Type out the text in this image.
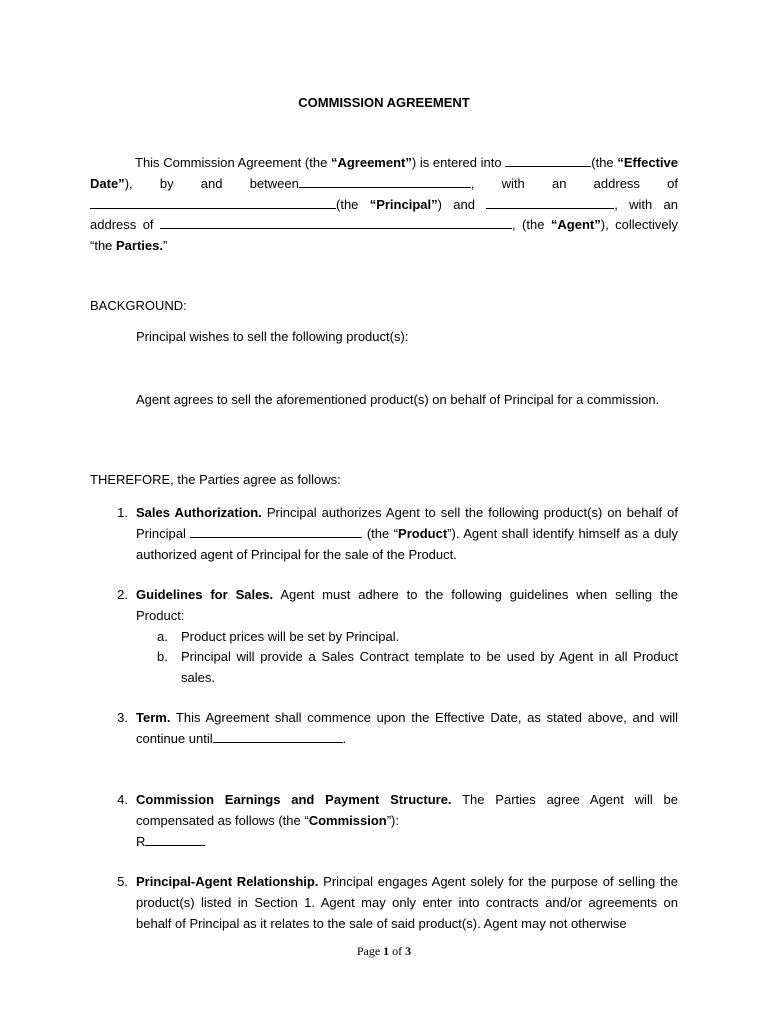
COMMISSION AGREEMENT
This Commission Agreement (the “Agreement”) is entered into	(the “Effective Date”), by and between	, with an address of (the “Principal”) and	, with an address of	, (the “Agent”), collectively “the Parties.”
BACKGROUND:
Principal wishes to sell the following product(s):
Agent agrees to sell the aforementioned product(s) on behalf of Principal for a commission.
THEREFORE, the Parties agree as follows:
1. Sales Authorization. Principal authorizes Agent to sell the following product(s) on behalf of Principal	(the “Product”). Agent shall identify himself as a duly authorized agent of Principal for the sale of the Product.
2. Guidelines for Sales. Agent must adhere to the following guidelines when selling the Product:
a. Product prices will be set by Principal.
b. Principal will provide a Sales Contract template to be used by Agent in all Product sales.
3. Term. This Agreement shall commence upon the Effective Date, as stated above, and will continue until	.
4. Commission Earnings and Payment Structure. The Parties agree Agent will be compensated as follows (the “Commission”):
R
5. Principal-Agent Relationship. Principal engages Agent solely for the purpose of selling the product(s) listed in Section 1. Agent may only enter into contracts and/or agreements on behalf of Principal as it relates to the sale of said product(s). Agent may not otherwise
Page 1 of 3
